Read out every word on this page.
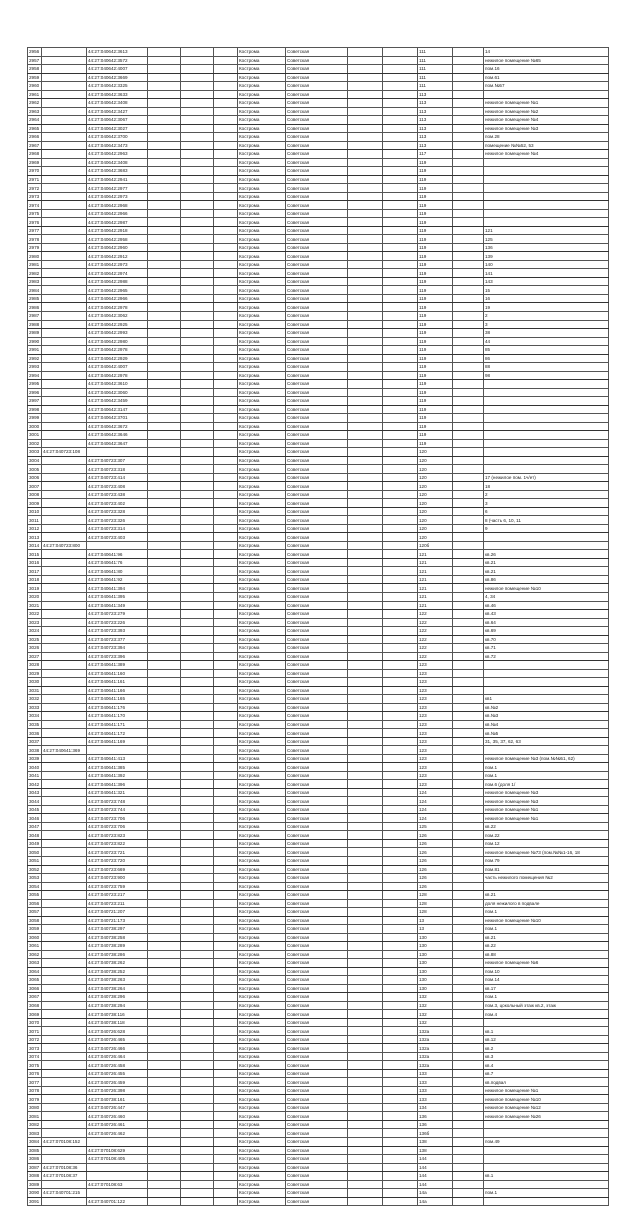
2956		44:27:040642:3613				Кострома	Советская			111		14
2957		44:27:040642:3572				Кострома	Советская			111		нежилое помещение №65
2958		44:27:040642:4007				Кострома	Советская			111		пом.16
2959		44:27:040642:3669				Кострома	Советская			111		пом.61
2960		44:27:040642:3325				Кострома	Советская			111		пом.№57
2961		44:27:040642:3633				Кострома	Советская			113		
2962		44:27:040642:3408				Кострома	Советская			113		нежилое помещение №1
2963		44:27:040642:3427				Кострома	Советская			113		нежилое помещение №2
2964		44:27:040642:3067				Кострома	Советская			113		нежилое помещение №4
2965		44:27:040642:3027				Кострома	Советская			113		нежилое помещение №3
2966		44:27:040642:3700				Кострома	Советская			113		пом.28
2967		44:27:040642:3473				Кострома	Советская			113		помещение №№52, 53
2968		44:27:040642:2963				Кострома	Советская			117		нежилое помещение №4
2969		44:27:040642:3408				Кострома	Советская			119		
2970		44:27:040642:3683				Кострома	Советская			119		
2971		44:27:040642:2941				Кострома	Советская			119		
2972		44:27:040642:2977				Кострома	Советская			119		
2973		44:27:040642:2973				Кострома	Советская			119		
2974		44:27:040642:2968				Кострома	Советская			119		
2975		44:27:040642:2966				Кострома	Советская			119		
2976		44:27:040642:2987				Кострома	Советская			119		
2977		44:27:040642:2918				Кострома	Советская			119		121
2978		44:27:040642:2958				Кострома	Советская			119		125
2979		44:27:040642:2960				Кострома	Советская			119		136
2980		44:27:040642:2912				Кострома	Советская			119		139
2981		44:27:040642:2973				Кострома	Советская			119		140
2982		44:27:040642:2974				Кострома	Советская			119		141
2983		44:27:040642:2988				Кострома	Советская			119		143
2984		44:27:040642:2965				Кострома	Советская			119		15
2985		44:27:040642:2966				Кострома	Советская			119		16
2986		44:27:040642:2978				Кострома	Советская			119		19
2987		44:27:040642:3062				Кострома	Советская			119		2
2988		44:27:040642:2925				Кострома	Советская			119		3
2989		44:27:040642:2993				Кострома	Советская			119		38
2990		44:27:040642:2980				Кострома	Советская			119		44
2991		44:27:040642:2978				Кострома	Советская			119		85
2992		44:27:040642:2929				Кострома	Советская			119		86
2993		44:27:040642:4007				Кострома	Советская			119		88
2994		44:27:040642:2978				Кострома	Советская			119		98
2995		44:27:040642:3610				Кострома	Советская			119		
2996		44:27:040642:3060				Кострома	Советская			119		
2997		44:27:040642:3459				Кострома	Советская			119		
2998		44:27:040642:3147				Кострома	Советская			119		
2999		44:27:040642:3701				Кострома	Советская			119		
3000		44:27:040642:3672				Кострома	Советская			119		
3001		44:27:040642:3646				Кострома	Советская			119		
3002		44:27:040642:3647				Кострома	Советская			119		
3003	44:27:040723:108					Кострома	Советская			120		
3004		44:27:040723:307				Кострома	Советская			120		
3005		44:27:040723:318				Кострома	Советская			120		
3006		44:27:040723:414				Кострома	Советская			120		17 (нежилое пом. 1ч/ет)
3007		44:27:040723:408				Кострома	Советская			120		18
3008		44:27:040723:438				Кострома	Советская			120		2
3009		44:27:040723:402				Кострома	Советская			120		3
3010		44:27:040723:328				Кострома	Советская			120		6
3011		44:27:040723:326				Кострома	Советская			120		8 (часть 6, 10, 11
3012		44:27:040723:314				Кострома	Советская			120		9
3013		44:27:040723:403				Кострома	Советская			120		
3014	44:27:040723:800					Кострома	Советская			120б		
3015		44:27:040641:96				Кострома	Советская			121		кв.26
3016		44:27:040641:76				Кострома	Советская			121		кв.21
3017		44:27:040641:80				Кострома	Советская			121		кв.21
3018		44:27:040641:92				Кострома	Советская			121		кв.86
3019		44:27:040641:394				Кострома	Советская			121		нежилое помещение №10
3020		44:27:040641:395				Кострома	Советская			121		4, 34
3021		44:27:040641:349				Кострома	Советская			121		кв.46
3022		44:27:040723:279				Кострома	Советская			122		кв.43
3023		44:27:040723:226				Кострома	Советская			122		кв.64
3024		44:27:040723:393				Кострома	Советская			122		кв.69
3025		44:27:040723:377				Кострома	Советская			122		кв.70
3026		44:27:040723:394				Кострома	Советская			122		кв.71
3027		44:27:040723:396				Кострома	Советская			122		кв.72
3028		44:27:040641:389				Кострома	Советская			123		
3029		44:27:040641:160				Кострома	Советская			123		
3030		44:27:040641:161				Кострома	Советская			123		
3031		44:27:040641:166				Кострома	Советская			123		
3032		44:27:040641:165				Кострома	Советская			123		кв1
3033		44:27:040641:176				Кострома	Советская			123		кв.№2
3034		44:27:040641:170				Кострома	Советская			123		кв.№3
3035		44:27:040641:171				Кострома	Советская			123		кв.№4
3036		44:27:040641:172				Кострома	Советская			123		кв.№5
3037		44:27:040641:169				Кострома	Советская			123		31, 35, 37, 62, 63
3038	44:27:040641:369					Кострома	Советская			123		
3039		44:27:040641:413				Кострома	Советская			123		нежилое помещение №3 (пом.№№51, 62)
3040		44:27:040641:385				Кострома	Советская			123		пом.1
3041		44:27:040641:392				Кострома	Советская			123		пом.1
3042		44:27:040641:396				Кострома	Советская			123		пом.6 (доля 1/
3043		44:27:040641:321				Кострома	Советская			124		нежилое помещение №3
3044		44:27:040723:748				Кострома	Советская			124		нежилое помещение №3
3045		44:27:040723:744				Кострома	Советская			124		нежилое помещение №1
3046		44:27:040723:706				Кострома	Советская			124		нежилое помещение №1
3047		44:27:040723:706				Кострома	Советская			125		кв.22
3048		44:27:040723:823				Кострома	Советская			126		пом.22
3049		44:27:040723:822				Кострома	Советская			126		пом.12
3050		44:27:040723:721				Кострома	Советская			126		нежилое помещение №73 (пом.№№1-16, 18
3051		44:27:040723:720				Кострома	Советская			126		пом.79
3052		44:27:040723:669				Кострома	Советская			126		пом.81
3053		44:27:040723:900				Кострома	Советская			126		часть нежилого помещения №2
3054		44:27:040723:759				Кострома	Советская			126		
3055		44:27:040723:217				Кострома	Советская			128		кв.21
3056		44:27:040723:211				Кострома	Советская			128		доля нежилого в подвале
3057		44:27:040721:207				Кострома	Советская			128		пом.1
3058		44:27:040721:173				Кострома	Советская			13		нежилое помещение №10
3059		44:27:040738:297				Кострома	Советская			13		пом.1
3060		44:27:040738:258				Кострома	Советская			130		кв.21
3061		44:27:040738:289				Кострома	Советская			130		кв.22
3062		44:27:040738:286				Кострома	Советская			130		кв.88
3063		44:27:040738:262				Кострома	Советская			130		нежилое помещение №6
3064		44:27:040738:252				Кострома	Советская			130		пом.10
3065		44:27:040738:263				Кострома	Советская			130		пом.14
3066		44:27:040738:264				Кострома	Советская			130		кв.17
3067		44:27:040738:296				Кострома	Советская			132		пом.1
3068		44:27:040738:294				Кострома	Советская			132		пом.3, цокольный этаж кв.2, этаж
3069		44:27:040738:116				Кострома	Советская			132		пом.4
3070		44:27:040738:118				Кострома	Советская			132		
3071		44:27:040726:628				Кострома	Советская			132а		кв.1
3072		44:27:040726:465				Кострома	Советская			132а		кв.12
3073		44:27:040726:466				Кострома	Советская			132а		кв.2
3074		44:27:040726:464				Кострома	Советская			132а		кв.3
3075		44:27:040726:458				Кострома	Советская			132а		кв.4
3076		44:27:040726:455				Кострома	Советская			133		кв.7
3077		44:27:040726:459				Кострома	Советская			133		кв.подвал
3078		44:27:040726:398				Кострома	Советская			133		нежилое помещение №1
3079		44:27:040738:161				Кострома	Советская			133		нежилое помещение №10
3080		44:27:040726:447				Кострома	Советская			134		нежилое помещение №12
3081		44:27:040726:460				Кострома	Советская			136		нежилое помещение №26
3082		44:27:040726:461				Кострома	Советская			136		
3083		44:27:040726:462				Кострома	Советская			136б		
3084	44:27:070108:152					Кострома	Советская			138		пом.49
3085		44:27:070108:629				Кострома	Советская			138		
3086		44:27:070108:405				Кострома	Советская			144		
3087	44:27:070108:36					Кострома	Советская			144		
3088	44:27:070108:37					Кострома	Советская			144		кв.1
3089		44:27:070108:63				Кострома	Советская			144		
3090	44:27:040701:215					Кострома	Советская			14а		пом.1
3091		44:27:040701:122				Кострома	Советская			14а		
